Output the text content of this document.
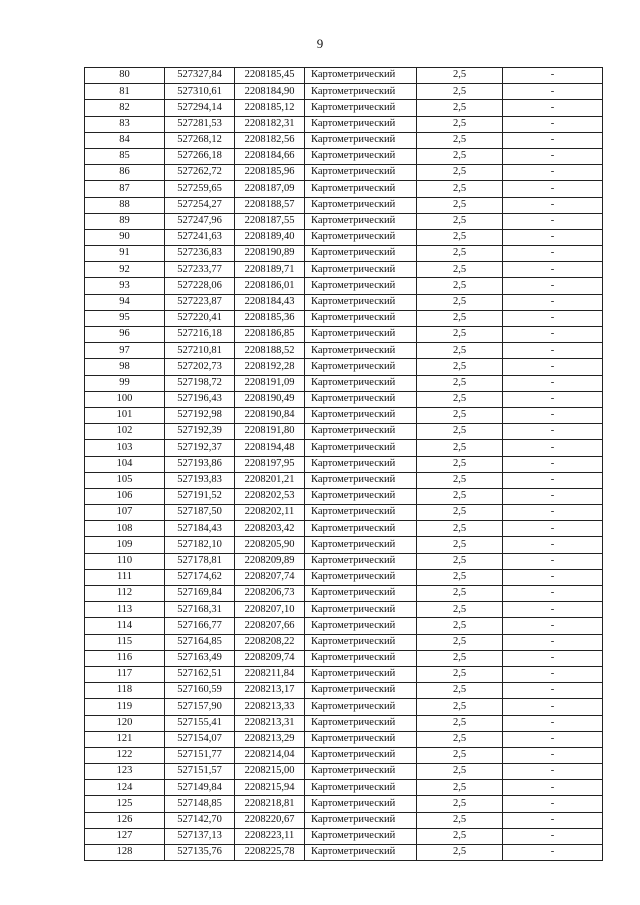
9
80	527327,84	2208185,45	Картометрический	2,5	-
81	527310,61	2208184,90	Картометрический	2,5	-
82	527294,14	2208185,12	Картометрический	2,5	-
83	527281,53	2208182,31	Картометрический	2,5	-
84	527268,12	2208182,56	Картометрический	2,5	-
85	527266,18	2208184,66	Картометрический	2,5	-
86	527262,72	2208185,96	Картометрический	2,5	-
87	527259,65	2208187,09	Картометрический	2,5	-
88	527254,27	2208188,57	Картометрический	2,5	-
89	527247,96	2208187,55	Картометрический	2,5	-
90	527241,63	2208189,40	Картометрический	2,5	-
91	527236,83	2208190,89	Картометрический	2,5	-
92	527233,77	2208189,71	Картометрический	2,5	-
93	527228,06	2208186,01	Картометрический	2,5	-
94	527223,87	2208184,43	Картометрический	2,5	-
95	527220,41	2208185,36	Картометрический	2,5	-
96	527216,18	2208186,85	Картометрический	2,5	-
97	527210,81	2208188,52	Картометрический	2,5	-
98	527202,73	2208192,28	Картометрический	2,5	-
99	527198,72	2208191,09	Картометрический	2,5	-
100	527196,43	2208190,49	Картометрический	2,5	-
101	527192,98	2208190,84	Картометрический	2,5	-
102	527192,39	2208191,80	Картометрический	2,5	-
103	527192,37	2208194,48	Картометрический	2,5	-
104	527193,86	2208197,95	Картометрический	2,5	-
105	527193,83	2208201,21	Картометрический	2,5	-
106	527191,52	2208202,53	Картометрический	2,5	-
107	527187,50	2208202,11	Картометрический	2,5	-
108	527184,43	2208203,42	Картометрический	2,5	-
109	527182,10	2208205,90	Картометрический	2,5	-
110	527178,81	2208209,89	Картометрический	2,5	-
111	527174,62	2208207,74	Картометрический	2,5	-
112	527169,84	2208206,73	Картометрический	2,5	-
113	527168,31	2208207,10	Картометрический	2,5	-
114	527166,77	2208207,66	Картометрический	2,5	-
115	527164,85	2208208,22	Картометрический	2,5	-
116	527163,49	2208209,74	Картометрический	2,5	-
117	527162,51	2208211,84	Картометрический	2,5	-
118	527160,59	2208213,17	Картометрический	2,5	-
119	527157,90	2208213,33	Картометрический	2,5	-
120	527155,41	2208213,31	Картометрический	2,5	-
121	527154,07	2208213,29	Картометрический	2,5	-
122	527151,77	2208214,04	Картометрический	2,5	-
123	527151,57	2208215,00	Картометрический	2,5	-
124	527149,84	2208215,94	Картометрический	2,5	-
125	527148,85	2208218,81	Картометрический	2,5	-
126	527142,70	2208220,67	Картометрический	2,5	-
127	527137,13	2208223,11	Картометрический	2,5	-
128	527135,76	2208225,78	Картометрический	2,5	-
